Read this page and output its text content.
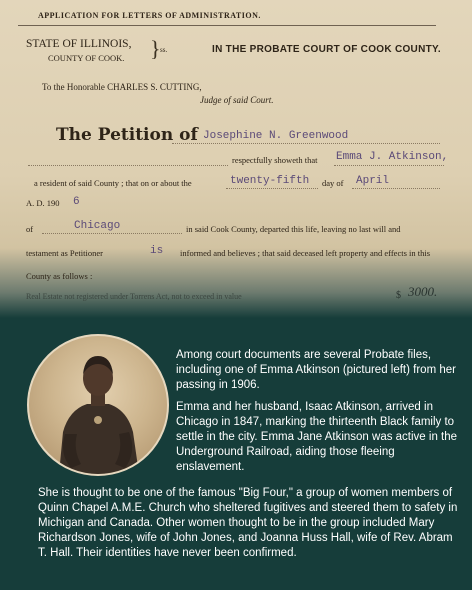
APPLICATION FOR LETTERS OF ADMINISTRATION.
STATE OF ILLINOIS,
COUNTY OF COOK. } ss.	IN THE PROBATE COURT OF COOK COUNTY.
To the Honorable CHARLES S. CUTTING,
Judge of said Court.
The Petition of Josephine N. Greenwood
respectfully showeth that Emma J. Atkinson,
a resident of said County ; that on or about the	twenty-fifth day of April
A. D. 190 6
of	Chicago	in said Cook County, departed this life, leaving no last will and
testament as Petitioner	is informed and believes ; that said deceased left property and effects in this
County as follows :
Real Estate not registered under Torrens Act, not to exceed in value	$ 3000.
Among court documents are several Probate files, including one of Emma Atkinson (pictured left) from her passing in 1906.
Emma and her husband, Isaac Atkinson, arrived in Chicago in 1847, marking the thirteenth Black family to settle in the city. Emma Jane Atkinson was active in the Underground Railroad, aiding those fleeing enslavement.
She is thought to be one of the famous "Big Four," a group of women members of Quinn Chapel A.M.E. Church who sheltered fugitives and steered them to safety in Michigan and Canada. Other women thought to be in the group included Mary Richardson Jones, wife of John Jones, and Joanna Huss Hall, wife of Rev. Abram T. Hall. Their identities have never been confirmed.
